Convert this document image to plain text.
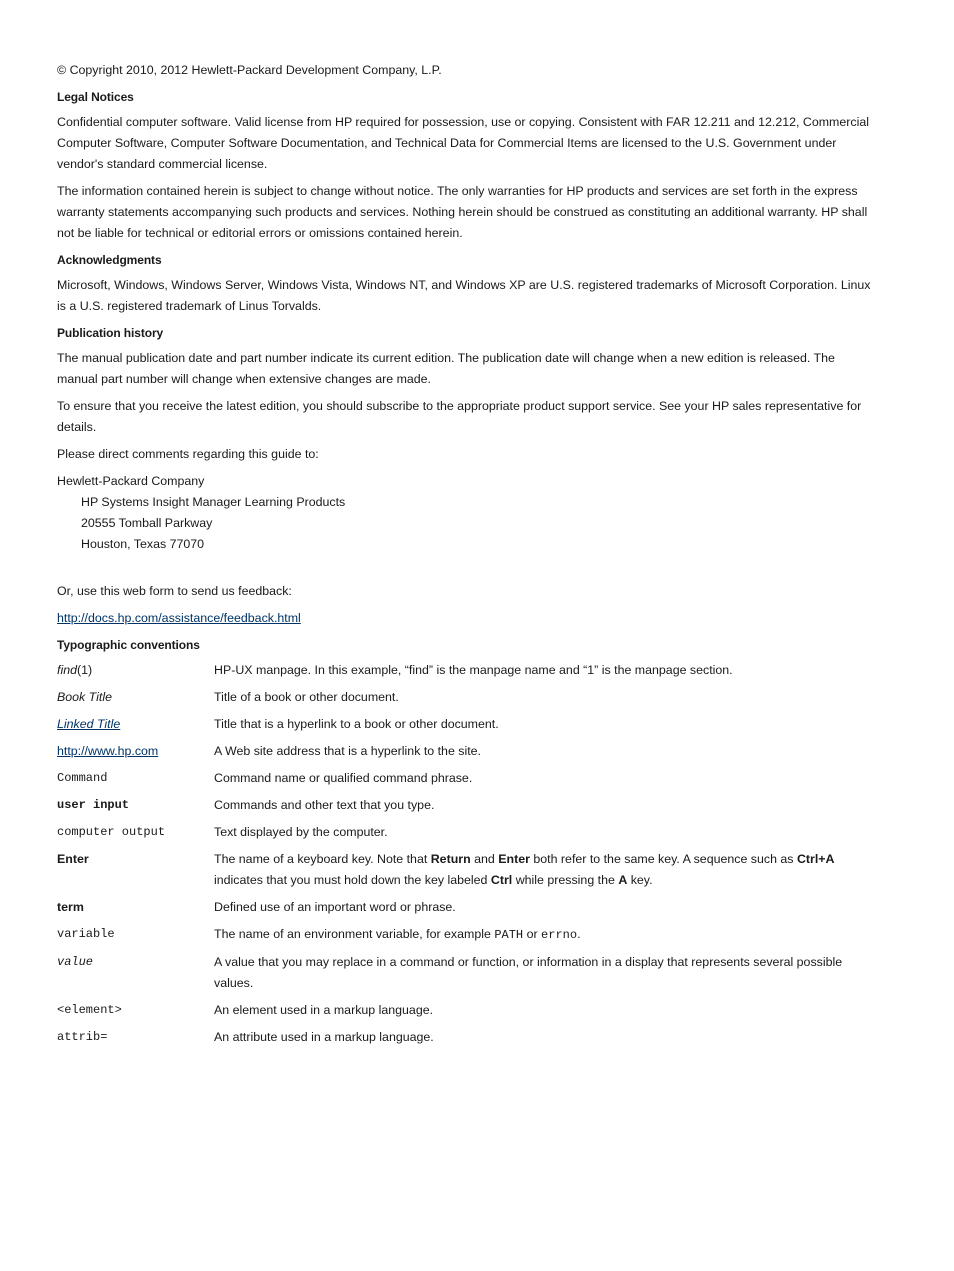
© Copyright 2010, 2012 Hewlett-Packard Development Company, L.P.

Legal Notices

Confidential computer software. Valid license from HP required for possession, use or copying. Consistent with FAR 12.211 and 12.212, Commercial Computer Software, Computer Software Documentation, and Technical Data for Commercial Items are licensed to the U.S. Government under vendor's standard commercial license.

The information contained herein is subject to change without notice. The only warranties for HP products and services are set forth in the express warranty statements accompanying such products and services. Nothing herein should be construed as constituting an additional warranty. HP shall not be liable for technical or editorial errors or omissions contained herein.

Acknowledgments

Microsoft, Windows, Windows Server, Windows Vista, Windows NT, and Windows XP are U.S. registered trademarks of Microsoft Corporation. Linux is a U.S. registered trademark of Linus Torvalds.

Publication history

The manual publication date and part number indicate its current edition. The publication date will change when a new edition is released. The manual part number will change when extensive changes are made.

To ensure that you receive the latest edition, you should subscribe to the appropriate product support service. See your HP sales representative for details.

Please direct comments regarding this guide to:

Hewlett-Packard Company
HP Systems Insight Manager Learning Products
20555 Tomball Parkway
Houston, Texas 77070

Or, use this web form to send us feedback:

http://docs.hp.com/assistance/feedback.html

Typographic conventions
find(1)	HP-UX manpage. In this example, “find” is the manpage name and “1” is the manpage section.
Book Title	Title of a book or other document.
Linked Title	Title that is a hyperlink to a book or other document.
http://www.hp.com	A Web site address that is a hyperlink to the site.
Command	Command name or qualified command phrase.
user input	Commands and other text that you type.
computer output	Text displayed by the computer.
Enter	The name of a keyboard key. Note that Return and Enter both refer to the same key. A sequence such as Ctrl+A indicates that you must hold down the key labeled Ctrl while pressing the A key.
term	Defined use of an important word or phrase.
variable	The name of an environment variable, for example PATH or errno.
value	A value that you may replace in a command or function, or information in a display that represents several possible values.
<element>	An element used in a markup language.
attrib=	An attribute used in a markup language.
